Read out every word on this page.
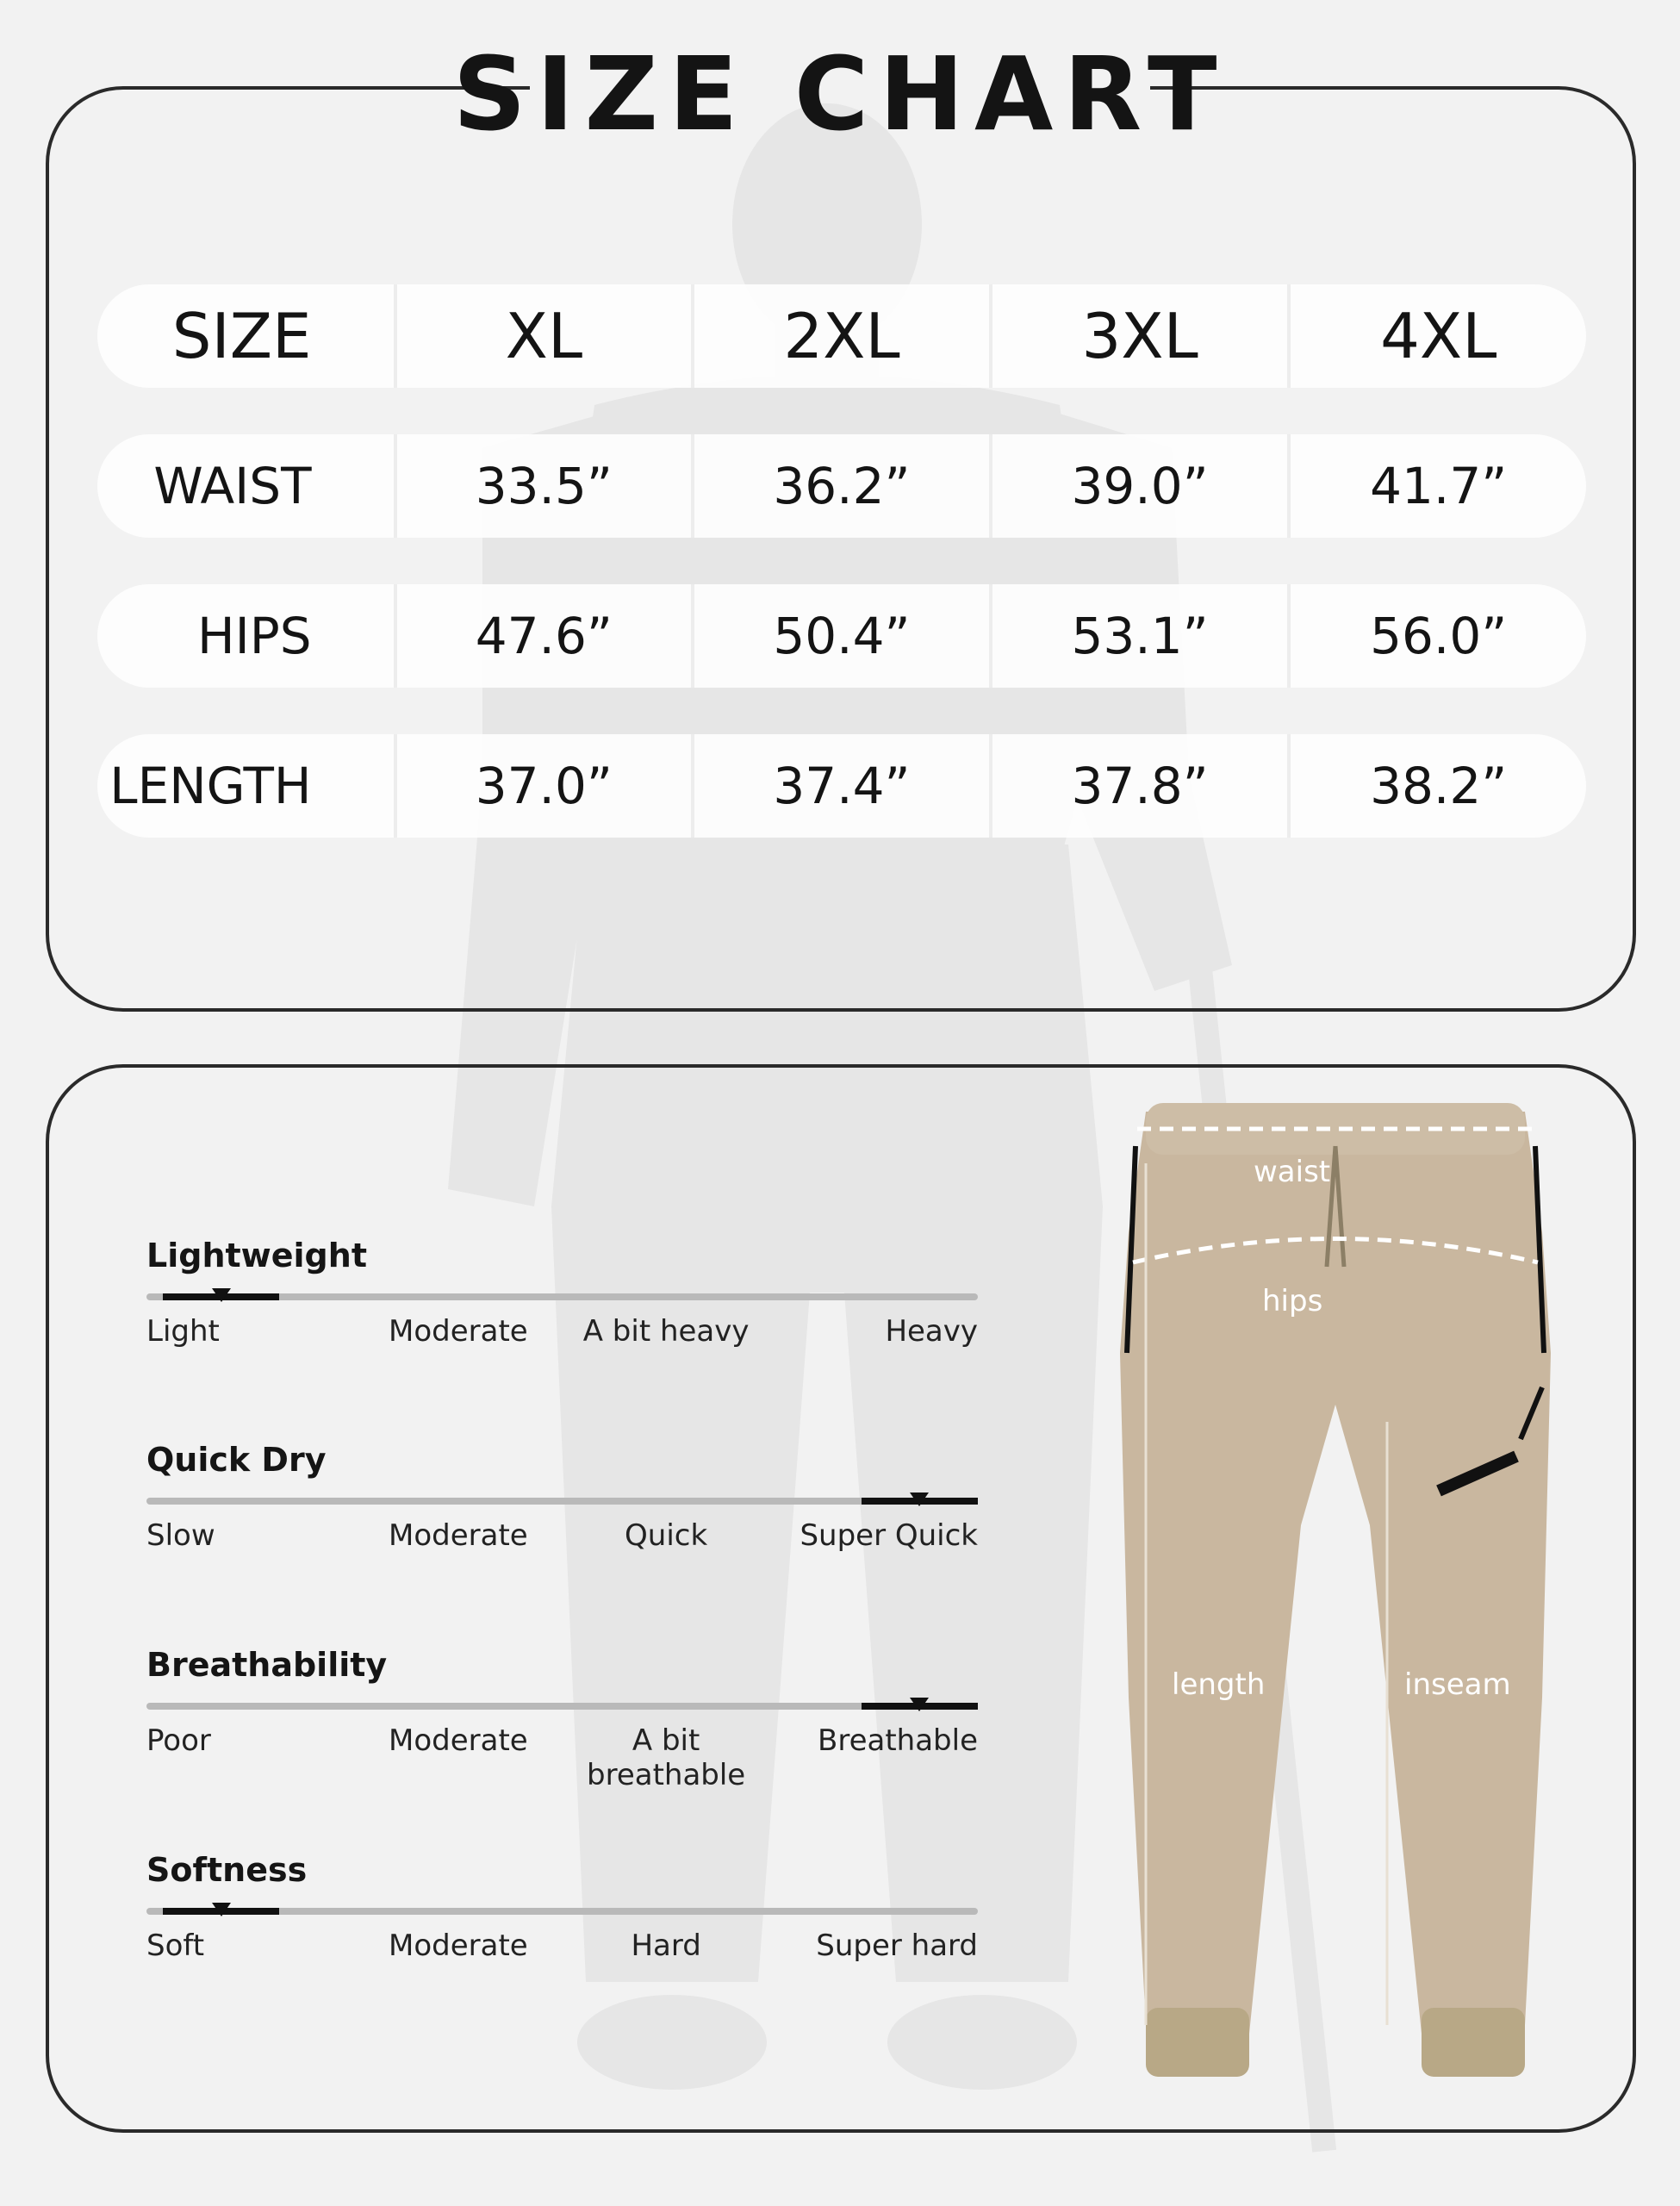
SIZE CHART
SIZE	XL	2XL	3XL	4XL
WAIST	33.5”	36.2”	39.0”	41.7”
HIPS	47.6”	50.4”	53.1”	56.0”
LENGTH	37.0”	37.4”	37.8”	38.2”
Lightweight
Light	Moderate	A bit heavy	Heavy
Quick Dry
Slow	Moderate	Quick	Super Quick
Breathability
Poor	Moderate	A bit breathable
Breathable
Softness
Soft	Moderate	Hard	Super hard
waist
hips
length	inseam
